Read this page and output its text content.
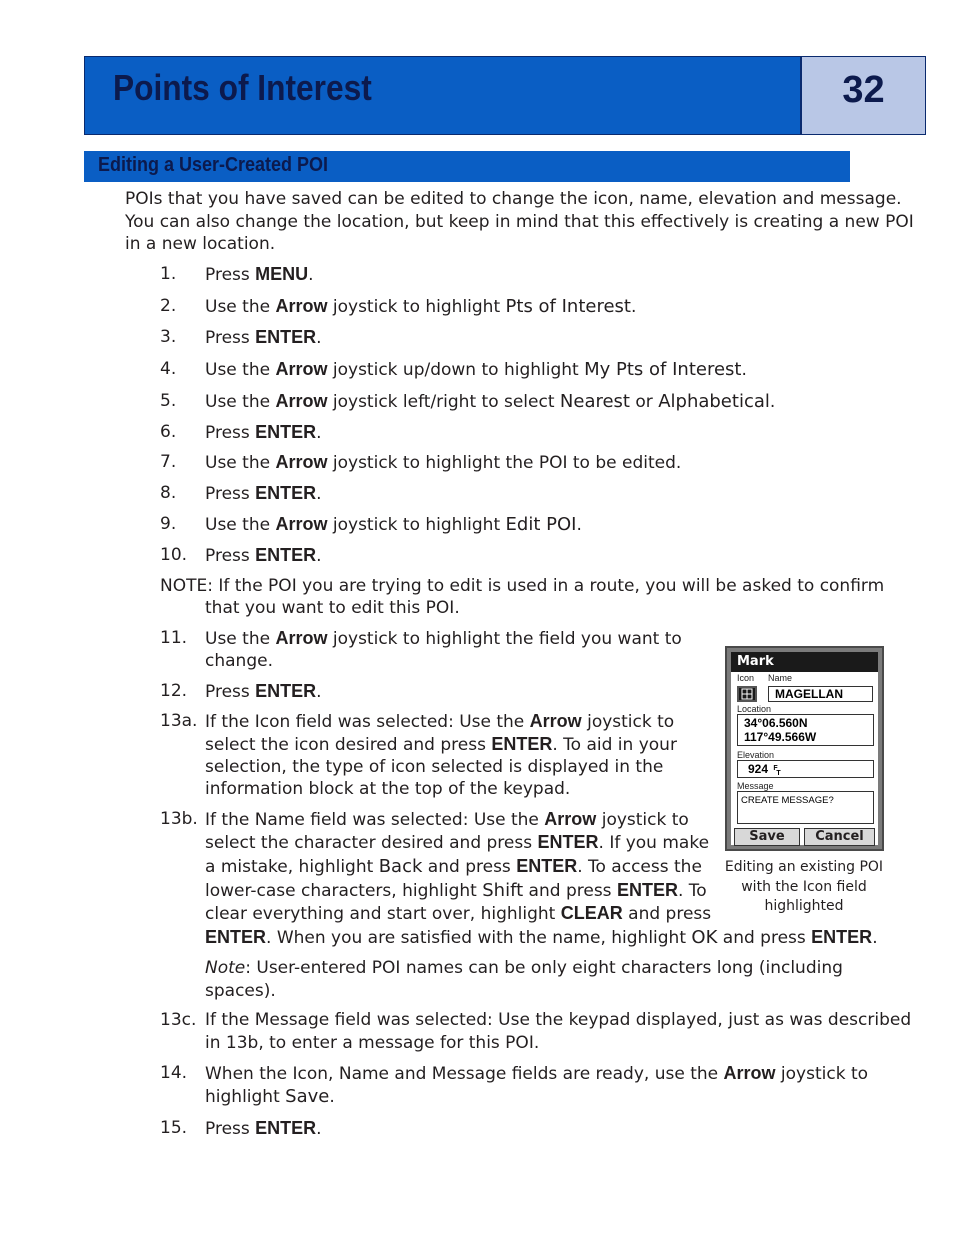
Points of Interest	32
Editing a User-Created POI
POIs that you have saved can be edited to change the icon, name, elevation and message.
You can also change the location, but keep in mind that this effectively is creating a new POI
in a new location.
1. Press MENU.
2. Use the Arrow joystick to highlight Pts of Interest.
3. Press ENTER.
4. Use the Arrow joystick up/down to highlight My Pts of Interest.
5. Use the Arrow joystick left/right to select Nearest or Alphabetical.
6. Press ENTER.
7. Use the Arrow joystick to highlight the POI to be edited.
8. Press ENTER.
9. Use the Arrow joystick to highlight Edit POI.
10. Press ENTER.
NOTE: If the POI you are trying to edit is used in a route, you will be asked to confirm
that you want to edit this POI.
11. Use the Arrow joystick to highlight the field you want to
change.
12. Press ENTER.
13a. If the Icon field was selected: Use the Arrow joystick to
select the icon desired and press ENTER. To aid in your
selection, the type of icon selected is displayed in the
information block at the top of the keypad.
13b. If the Name field was selected: Use the Arrow joystick to
select the character desired and press ENTER. If you make
a mistake, highlight Back and press ENTER. To access the
lower-case characters, highlight Shift and press ENTER. To
clear everything and start over, highlight CLEAR and press
ENTER. When you are satisfied with the name, highlight OK and press ENTER.
Note: User-entered POI names can be only eight characters long (including
spaces).
13c. If the Message field was selected: Use the keypad displayed, just as was described
in 13b, to enter a message for this POI.
14. When the Icon, Name and Message fields are ready, use the Arrow joystick to
highlight Save.
15. Press ENTER.
Mark
Icon Name
MAGELLAN
Location
34°06.560N
117°49.566W
Elevation
924 F
T
Message
CREATE MESSAGE?
Save	Cancel
Editing an existing POI
with the Icon field
highlighted
